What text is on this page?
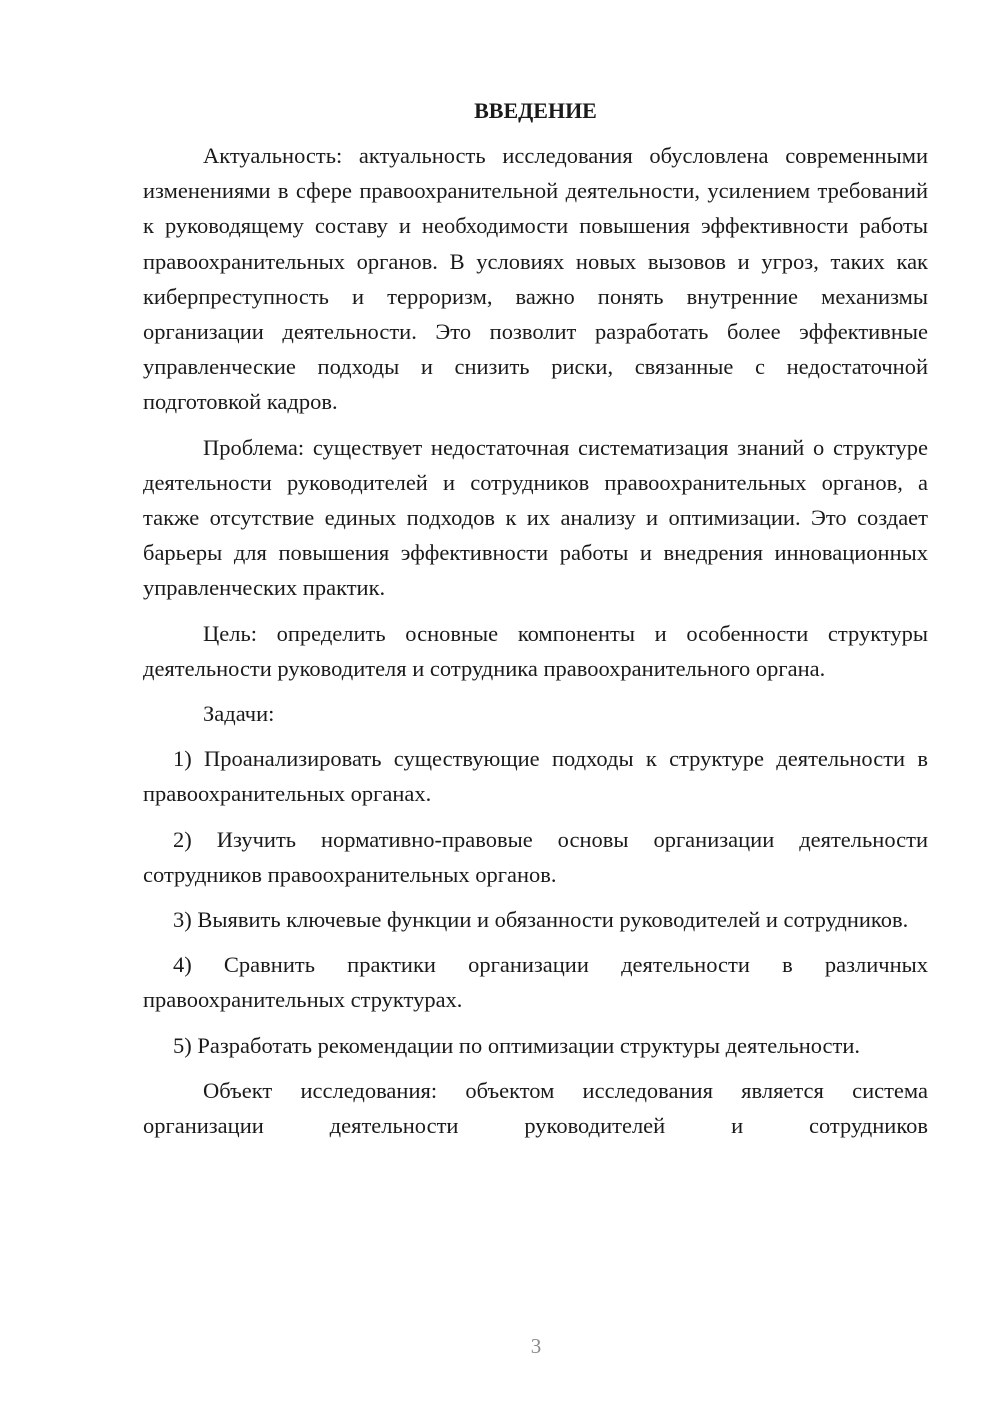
ВВЕДЕНИЕ

Актуальность: актуальность исследования обусловлена современными изменениями в сфере правоохранительной деятельности, усилением требований к руководящему составу и необходимости повышения эффективности работы правоохранительных органов. В условиях новых вызовов и угроз, таких как киберпреступность и терроризм, важно понять внутренние механизмы организации деятельности. Это позволит разработать более эффективные управленческие подходы и снизить риски, связанные с недостаточной подготовкой кадров.

Проблема: существует недостаточная систематизация знаний о структуре деятельности руководителей и сотрудников правоохранительных органов, а также отсутствие единых подходов к их анализу и оптимизации. Это создает барьеры для повышения эффективности работы и внедрения инновационных управленческих практик.

Цель: определить основные компоненты и особенности структуры деятельности руководителя и сотрудника правоохранительного органа.

Задачи:

1) Проанализировать существующие подходы к структуре деятельности в правоохранительных органах.

2) Изучить нормативно-правовые основы организации деятельности сотрудников правоохранительных органов.

3) Выявить ключевые функции и обязанности руководителей и сотрудников.

4) Сравнить практики организации деятельности в различных правоохранительных структурах.

5) Разработать рекомендации по оптимизации структуры деятельности.

Объект исследования: объектом исследования является система организации деятельности руководителей и сотрудников

3
